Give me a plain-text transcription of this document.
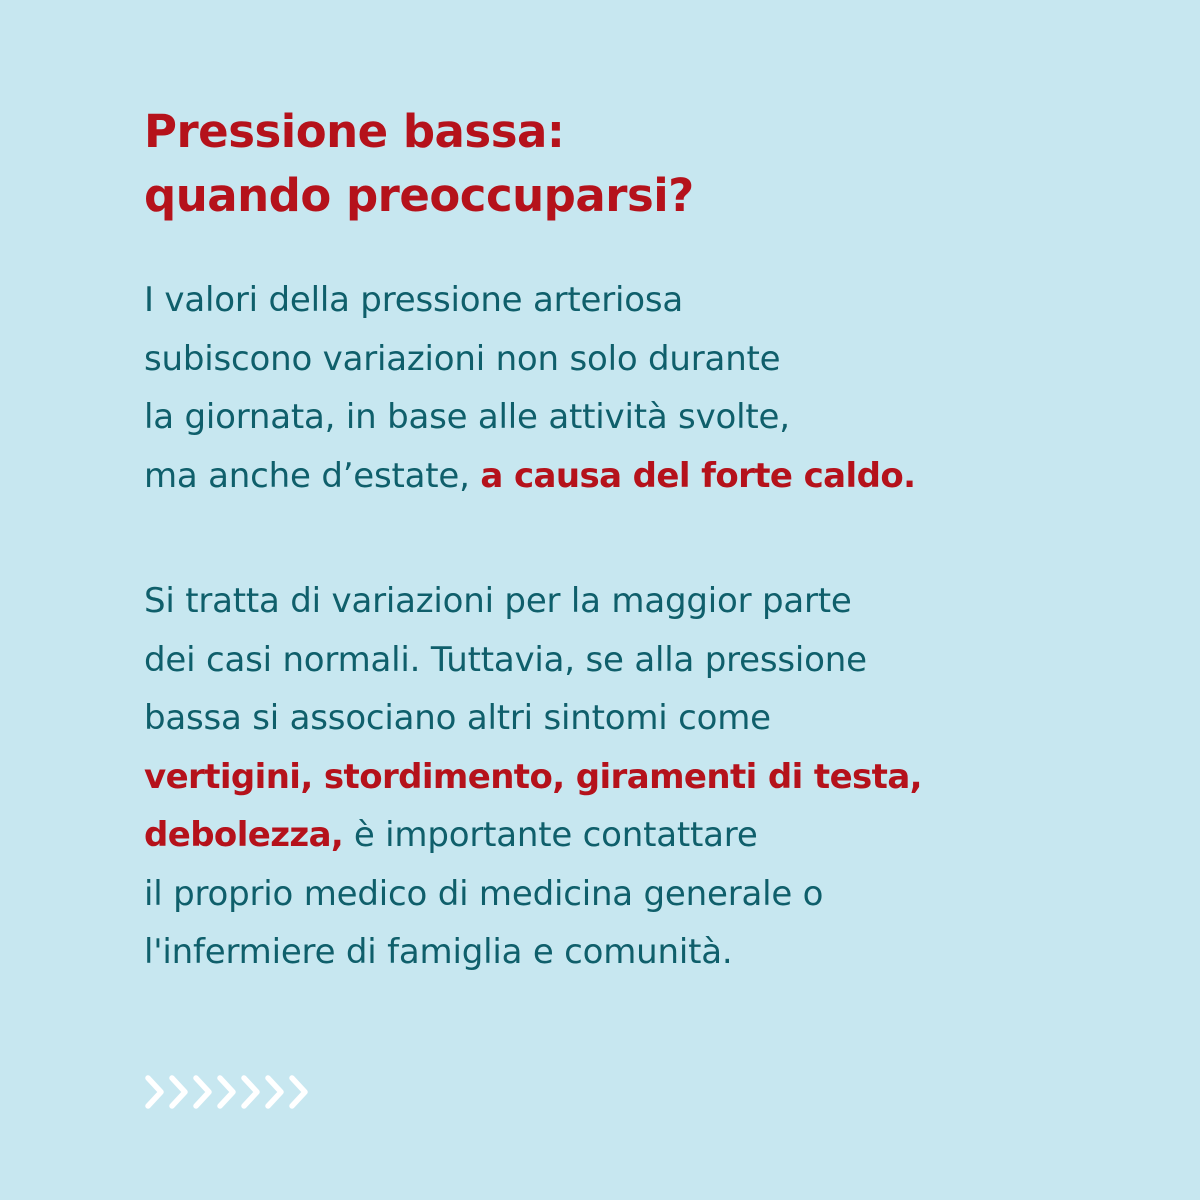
Pressione bassa:
quando preoccuparsi?

I valori della pressione arteriosa
subiscono variazioni non solo durante
la giornata, in base alle attività svolte,
ma anche d’estate, a causa del forte caldo.

Si tratta di variazioni per la maggior parte
dei casi normali. Tuttavia, se alla pressione
bassa si associano altri sintomi come
vertigini, stordimento, giramenti di testa,
debolezza, è importante contattare
il proprio medico di medicina generale o
l'infermiere di famiglia e comunità.
